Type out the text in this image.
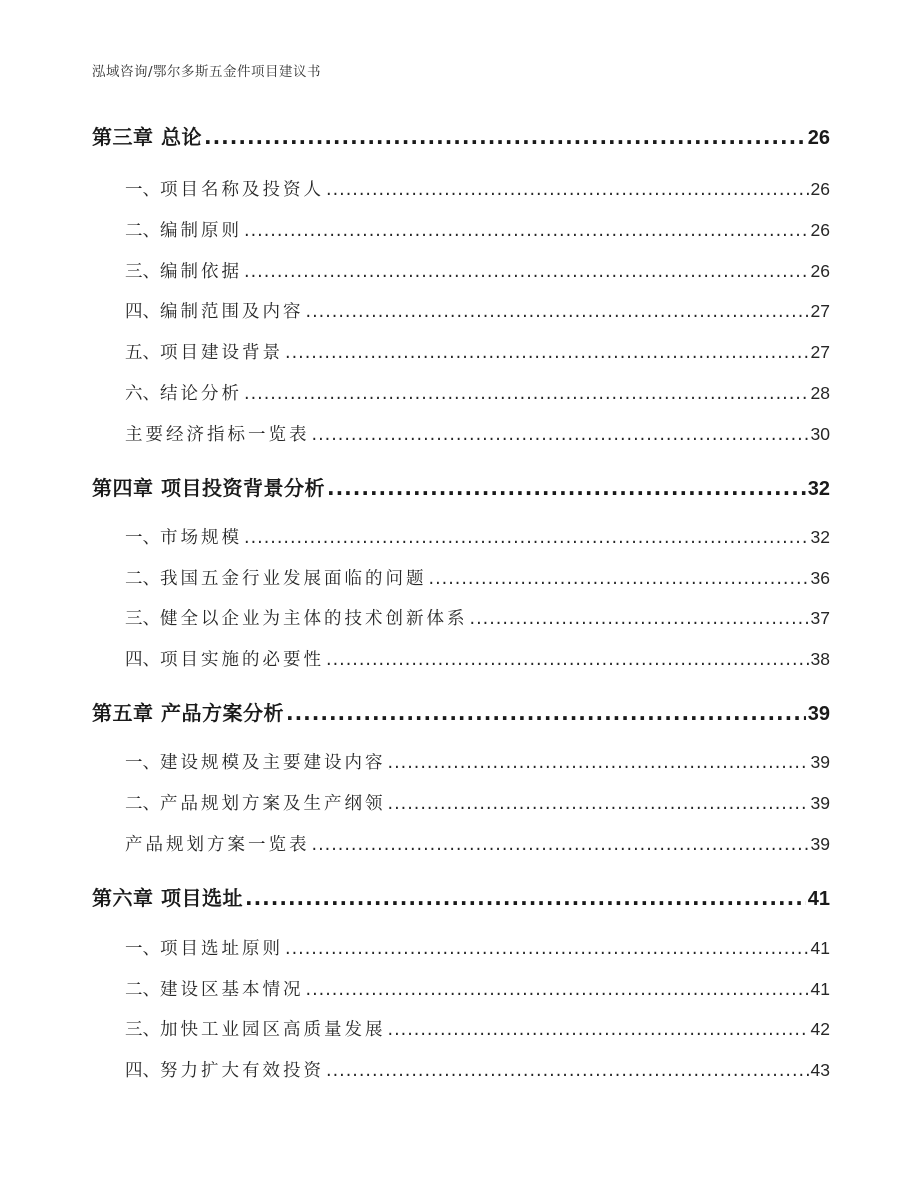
泓域咨询/鄂尔多斯五金件项目建议书
第三章 总论 .....	26
一、 项目名称及投资人 .....	26
二、 编制原则 .....	26
三、 编制依据 .....	26
四、 编制范围及内容 .....	27
五、 项目建设背景 .....	27
六、 结论分析 .....	28
主要经济指标一览表 .....	30
第四章 项目投资背景分析 .....	32
一、 市场规模 .....	32
二、 我国五金行业发展面临的问题 .....	36
三、 健全以企业为主体的技术创新体系 .....	37
四、 项目实施的必要性 .....	38
第五章 产品方案分析 .....	39
一、 建设规模及主要建设内容 .....	39
二、 产品规划方案及生产纲领 .....	39
产品规划方案一览表 .....	39
第六章 项目选址 .....	41
一、 项目选址原则 .....	41
二、 建设区基本情况 .....	41
三、 加快工业园区高质量发展 .....	42
四、 努力扩大有效投资 .....	43
